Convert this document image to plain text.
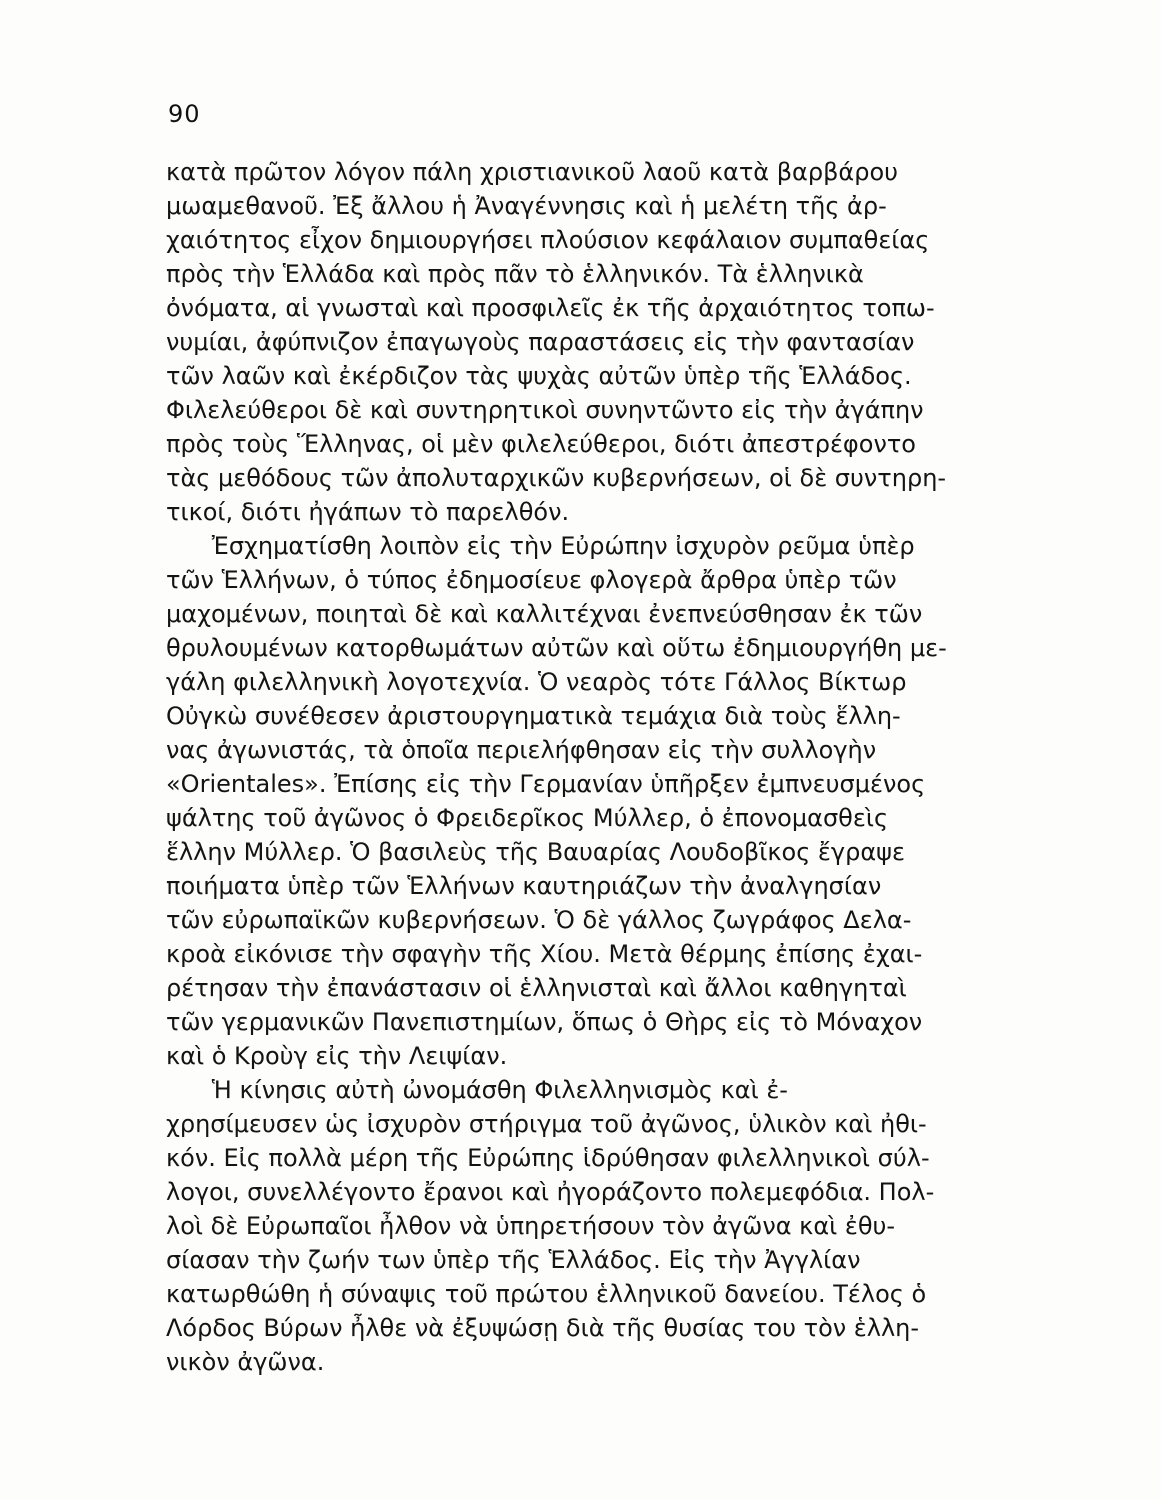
90
κατὰ πρῶτον λόγον πάλη χριστιανικοῦ λαοῦ κατὰ βαρβάρου
μωαμεθανοῦ. Ἐξ ἄλλου ἡ Ἀναγέννησις καὶ ἡ μελέτη τῆς ἀρ-
χαιότητος εἶχον δημιουργήσει πλούσιον κεφάλαιον συμπαθείας
πρὸς τὴν Ἑλλάδα καὶ πρὸς πᾶν τὸ ἑλληνικόν. Τὰ ἑλληνικὰ
ὀνόματα, αἱ γνωσταὶ καὶ προσφιλεῖς ἐκ τῆς ἀρχαιότητος τοπω-
νυμίαι, ἀφύπνιζον ἐπαγωγοὺς παραστάσεις εἰς τὴν φαντασίαν
τῶν λαῶν καὶ ἐκέρδιζον τὰς ψυχὰς αὐτῶν ὑπὲρ τῆς Ἑλλάδος.
Φιλελεύθεροι δὲ καὶ συντηρητικοὶ συνηντῶντο εἰς τὴν ἀγάπην
πρὸς τοὺς Ἕλληνας, οἱ μὲν φιλελεύθεροι, διότι ἀπεστρέφοντο
τὰς μεθόδους τῶν ἀπολυταρχικῶν κυβερνήσεων, οἱ δὲ συντηρη-
τικοί, διότι ἠγάπων τὸ παρελθόν.
Ἐσχηματίσθη λοιπὸν εἰς τὴν Εὐρώπην ἰσχυρὸν ρεῦμα ὑπὲρ
τῶν Ἑλλήνων, ὁ τύπος ἐδημοσίευε φλογερὰ ἄρθρα ὑπὲρ τῶν
μαχομένων, ποιηταὶ δὲ καὶ καλλιτέχναι ἐνεπνεύσθησαν ἐκ τῶν
θρυλουμένων κατορθωμάτων αὐτῶν καὶ οὕτω ἐδημιουργήθη με-
γάλη φιλελληνικὴ λογοτεχνία. Ὁ νεαρὸς τότε Γάλλος Βίκτωρ
Οὐγκὼ συνέθεσεν ἀριστουργηματικὰ τεμάχια διὰ τοὺς ἕλλη-
νας ἀγωνιστάς, τὰ ὁποῖα περιελήφθησαν εἰς τὴν συλλογὴν
«Orientales». Ἐπίσης εἰς τὴν Γερμανίαν ὑπῆρξεν ἐμπνευσμένος
ψάλτης τοῦ ἀγῶνος ὁ Φρειδερῖκος Μύλλερ, ὁ ἐπονομασθεὶς
ἕλλην Μύλλερ. Ὁ βασιλεὺς τῆς Βαυαρίας Λουδοβῖκος ἔγραψε
ποιήματα ὑπὲρ τῶν Ἑλλήνων καυτηριάζων τὴν ἀναλγησίαν
τῶν εὐρωπαϊκῶν κυβερνήσεων. Ὁ δὲ γάλλος ζωγράφος Δελα-
κροὰ εἰκόνισε τὴν σφαγὴν τῆς Χίου. Μετὰ θέρμης ἐπίσης ἐχαι-
ρέτησαν τὴν ἐπανάστασιν οἱ ἑλληνισταὶ καὶ ἄλλοι καθηγηταὶ
τῶν γερμανικῶν Πανεπιστημίων, ὅπως ὁ Θὴρς εἰς τὸ Μόναχον
καὶ ὁ Κροὺγ εἰς τὴν Λειψίαν.
Ἡ κίνησις αὐτὴ ὠνομάσθη Φιλελληνισμὸς καὶ ἐ-
χρησίμευσεν ὡς ἰσχυρὸν στήριγμα τοῦ ἀγῶνος, ὑλικὸν καὶ ἠθι-
κόν. Εἰς πολλὰ μέρη τῆς Εὐρώπης ἱδρύθησαν φιλελληνικοὶ σύλ-
λογοι, συνελλέγοντο ἔρανοι καὶ ἠγοράζοντο πολεμεφόδια. Πολ-
λοὶ δὲ Εὐρωπαῖοι ἦλθον νὰ ὑπηρετήσουν τὸν ἀγῶνα καὶ ἐθυ-
σίασαν τὴν ζωήν των ὑπὲρ τῆς Ἑλλάδος. Εἰς τὴν Ἀγγλίαν
κατωρθώθη ἡ σύναψις τοῦ πρώτου ἑλληνικοῦ δανείου. Τέλος ὁ
Λόρδος Βύρων ἦλθε νὰ ἐξυψώσῃ διὰ τῆς θυσίας του τὸν ἑλλη-
νικὸν ἀγῶνα.
